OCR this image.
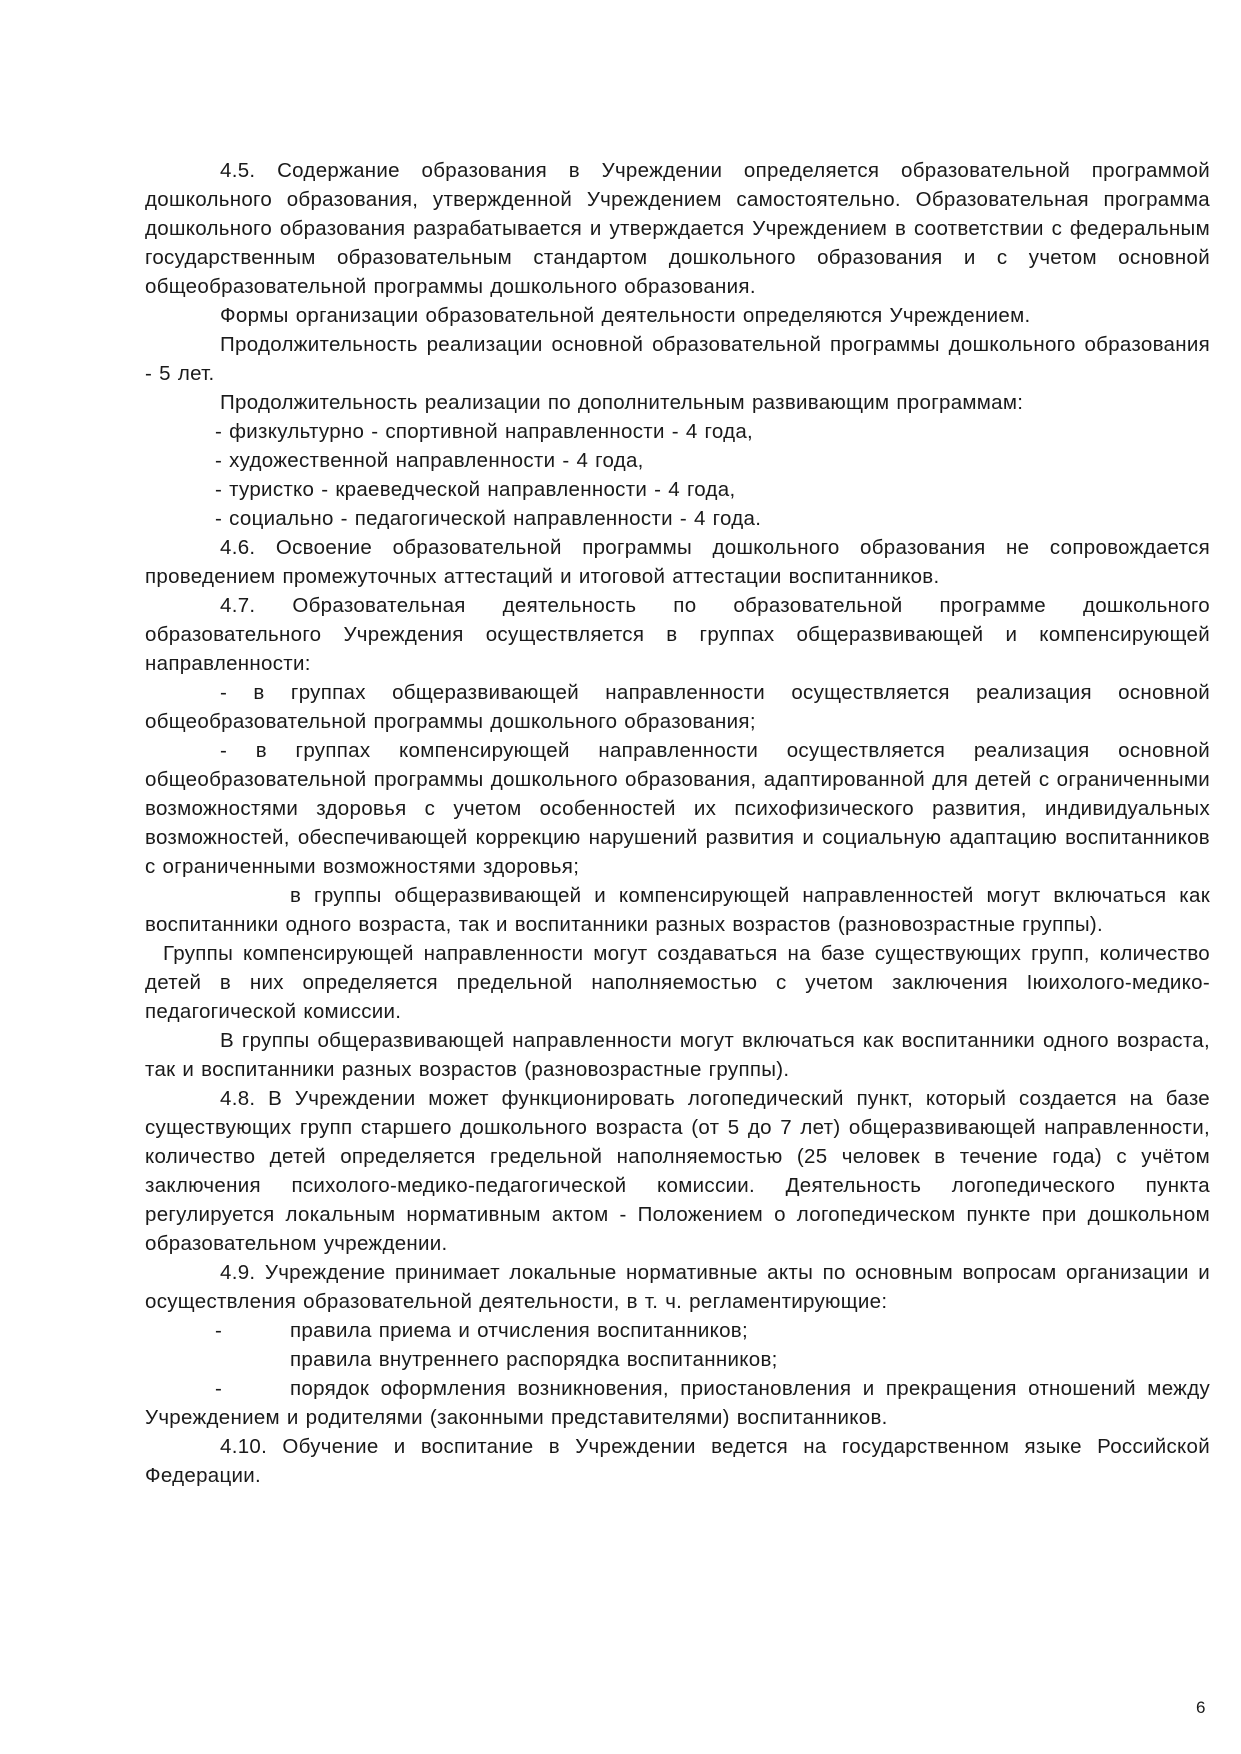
4.5. Содержание образования в Учреждении определяется образовательной программой дошкольного образования, утвержденной Учреждением самостоятельно. Образовательная программа дошкольного образования разрабатывается и утверждается Учреждением в соответствии с федеральным государственным образовательным стандартом дошкольного образования и с учетом основной общеобразовательной программы дошкольного образования.

Формы организации образовательной деятельности определяются Учреждением.

Продолжительность реализации основной образовательной программы дошкольного образования - 5 лет.

Продолжительность реализации по дополнительным развивающим программам:

- физкультурно - спортивной направленности - 4 года,

- художественной направленности - 4 года,

- туристко - краеведческой направленности - 4 года,

- социально - педагогической направленности - 4 года.

4.6. Освоение образовательной программы дошкольного образования не сопровождается проведением промежуточных аттестаций и итоговой аттестации воспитанников.

4.7. Образовательная деятельность по образовательной программе дошкольного образовательного Учреждения осуществляется в группах общеразвивающей и компенсирующей направленности:

- в группах общеразвивающей направленности осуществляется реализация основной общеобразовательной программы дошкольного образования;

- в группах компенсирующей направленности осуществляется реализация основной общеобразовательной программы дошкольного образования, адаптированной для детей с ограниченными возможностями здоровья с учетом особенностей их психофизического развития, индивидуальных возможностей, обеспечивающей коррекцию нарушений развития и социальную адаптацию воспитанников с ограниченными возможностями здоровья;

в группы общеразвивающей и компенсирующей направленностей могут включаться как воспитанники одного возраста, так и воспитанники разных возрастов (разновозрастные группы).

Группы компенсирующей направленности могут создаваться на базе существующих групп, количество детей в них определяется предельной наполняемостью с учетом заключения Iюихолого-медико-педагогической комиссии.

В группы общеразвивающей направленности могут включаться как воспитанники одного возраста, так и воспитанники разных возрастов (разновозрастные группы).

4.8. В Учреждении может функционировать логопедический пункт, который создается на базе существующих групп старшего дошкольного возраста (от 5 до 7 лет) общеразвивающей направленности, количество детей определяется гредельной наполняемостью (25 человек в течение года) с учётом заключения психолого-медико-педагогической комиссии. Деятельность логопедического пункта регулируется локальным нормативным актом - Положением о логопедическом пункте при дошкольном образовательном учреждении.

4.9. Учреждение принимает локальные нормативные акты по основным вопросам организации и осуществления образовательной деятельности, в т. ч. регламентирующие:

-	правила приема и отчисления воспитанников;
правила внутреннего распорядка воспитанников;

-	порядок оформления возникновения, приостановления и прекращения отношений между Учреждением и родителями (законными представителями) воспитанников.

4.10. Обучение и воспитание в Учреждении ведется на государственном языке Российской Федерации.

6
